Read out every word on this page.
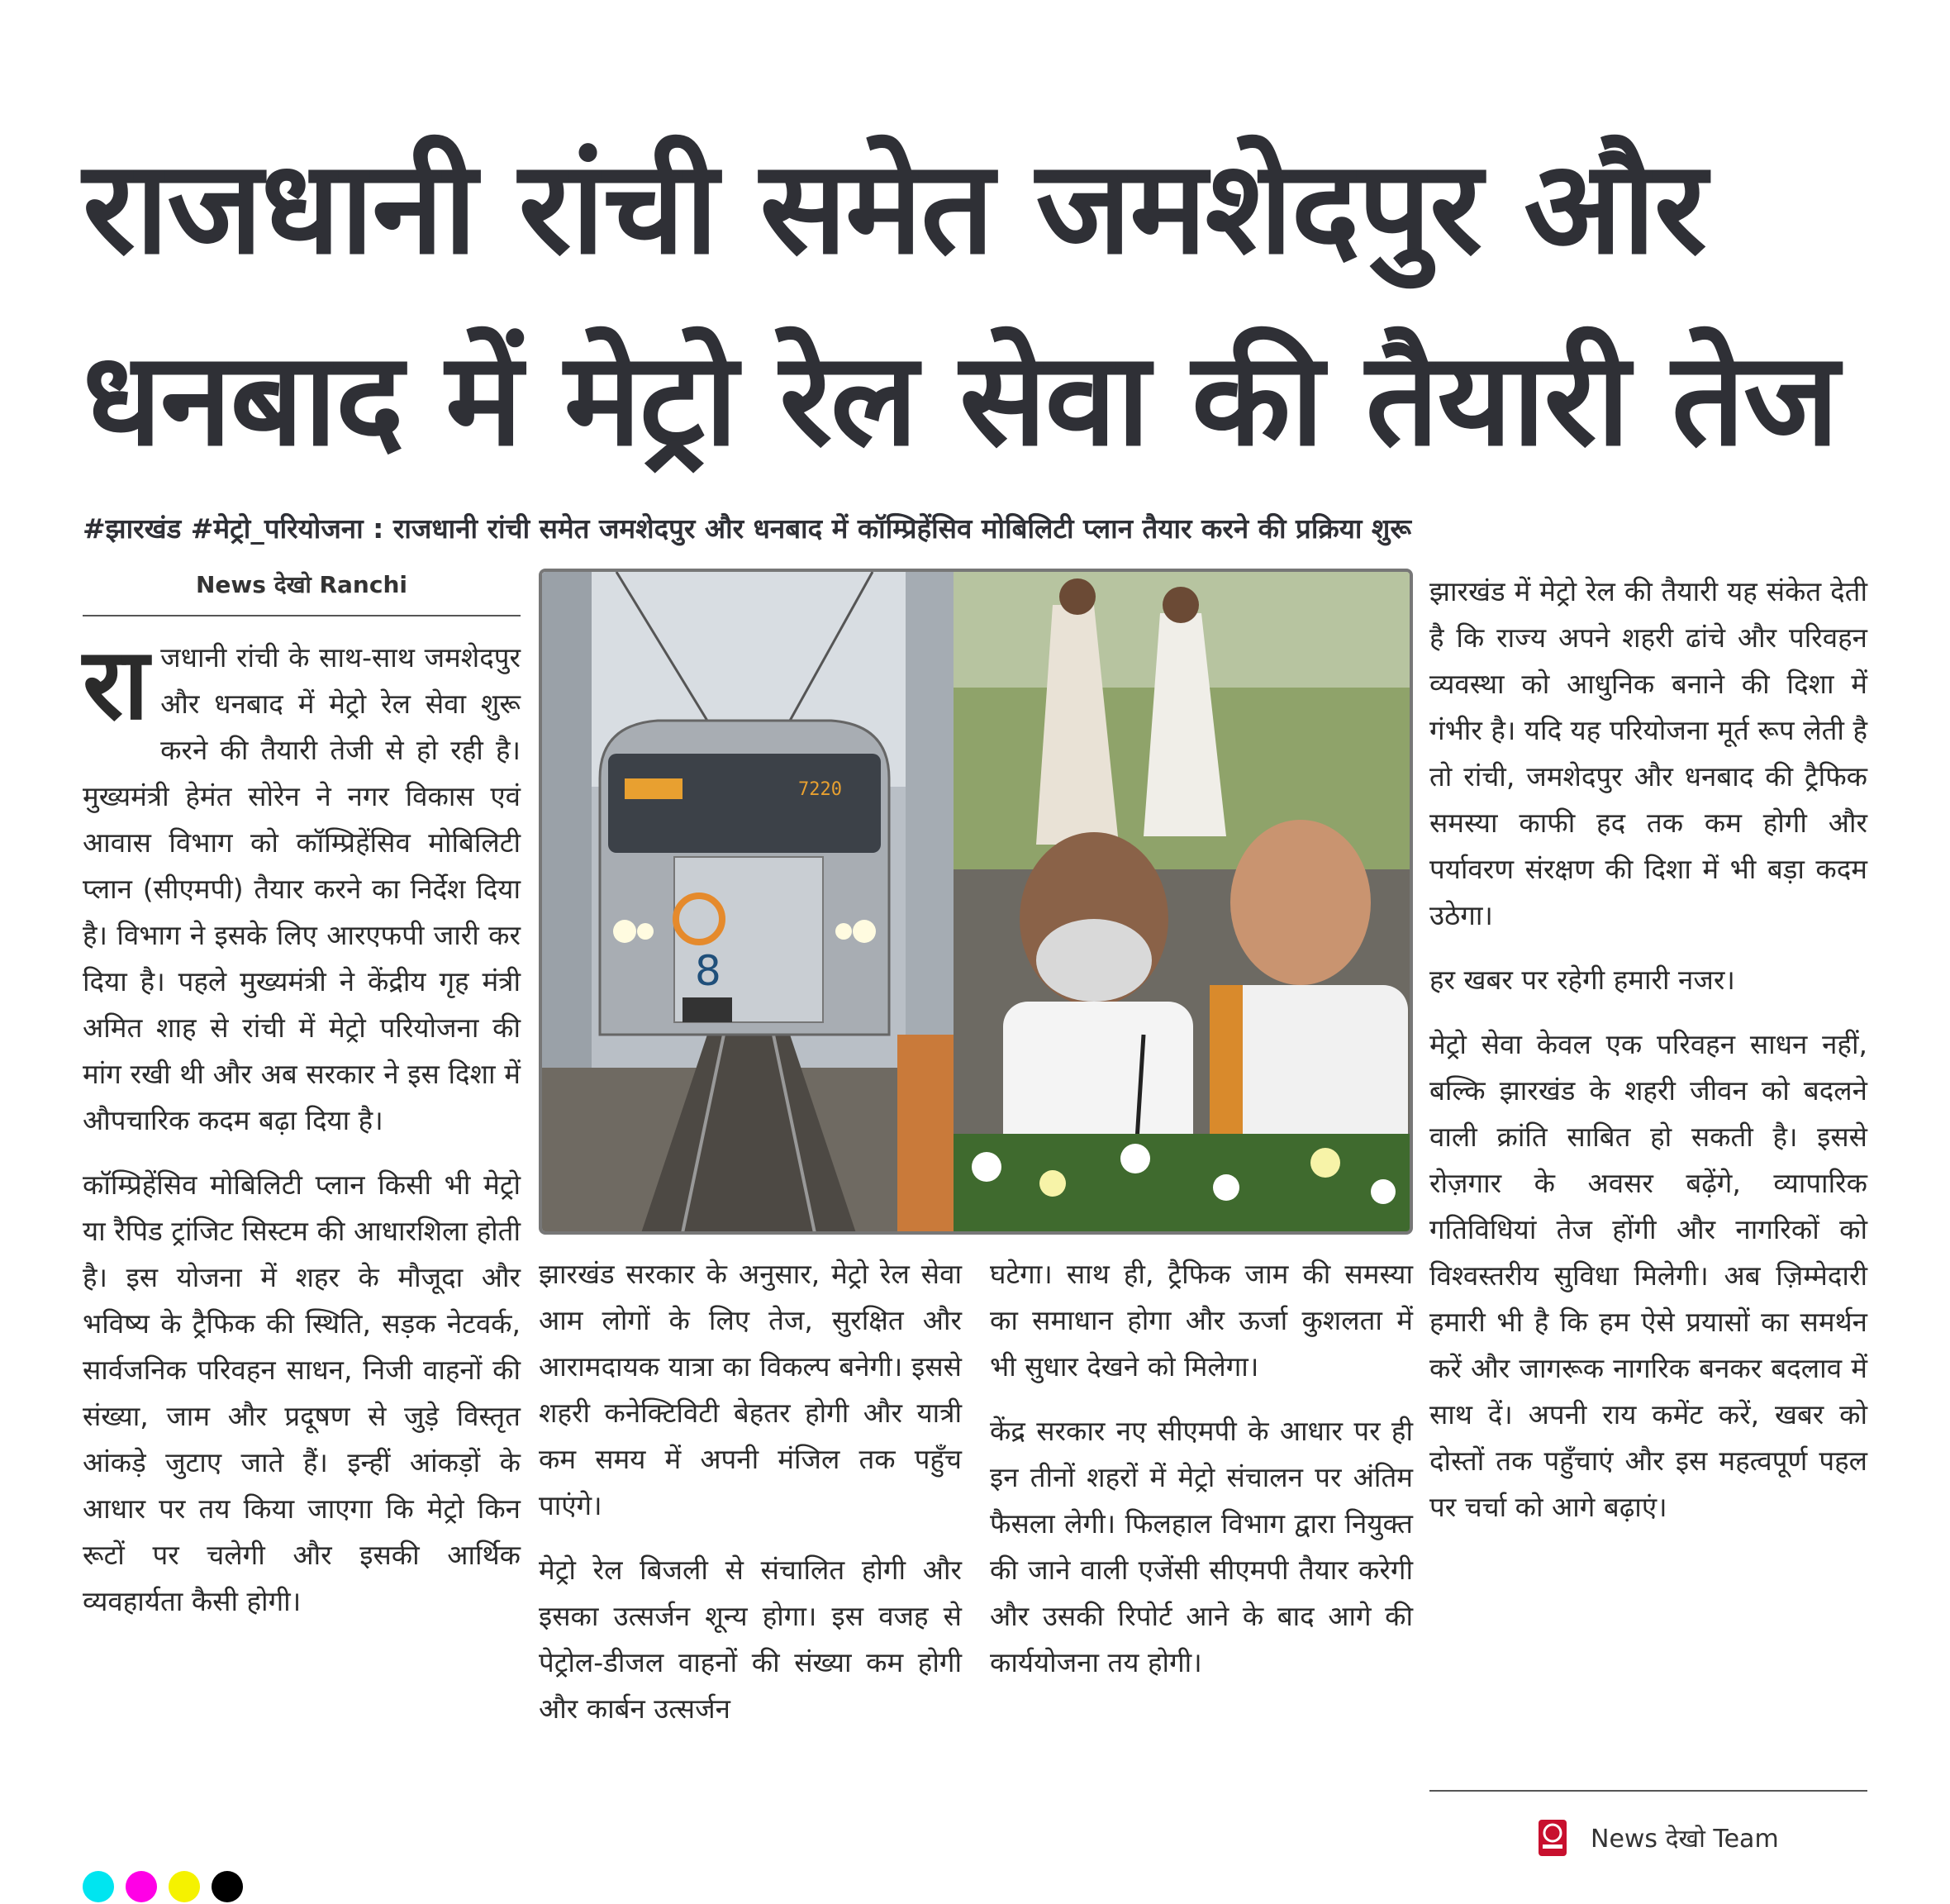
राजधानी रांची समेत जमशेदपुर और
धनबाद में मेट्रो रेल सेवा की तैयारी तेज
#झारखंड #मेट्रो_परियोजना : राजधानी रांची समेत जमशेदपुर और धनबाद में कॉम्प्रिहेंसिव मोबिलिटी प्लान तैयार करने की प्रक्रिया शुरू
News देखो Ranchi

रा जधानी रांची के साथ-साथ जमशेदपुर और धनबाद में मेट्रो रेल सेवा शुरू करने की तैयारी तेजी से हो रही है। मुख्यमंत्री हेमंत सोरेन ने नगर विकास एवं आवास विभाग को कॉम्प्रिहेंसिव मोबिलिटी प्लान (सीएमपी) तैयार करने का निर्देश दिया है। विभाग ने इसके लिए आरएफपी जारी कर दिया है। पहले मुख्यमंत्री ने केंद्रीय गृह मंत्री अमित शाह से रांची में मेट्रो परियोजना की मांग रखी थी और अब सरकार ने इस दिशा में औपचारिक कदम बढ़ा दिया है।

कॉम्प्रिहेंसिव मोबिलिटी प्लान किसी भी मेट्रो या रैपिड ट्रांजिट सिस्टम की आधारशिला होती है। इस योजना में शहर के मौजूदा और भविष्य के ट्रैफिक की स्थिति, सड़क नेटवर्क, सार्वजनिक परिवहन साधन, निजी वाहनों की संख्या, जाम और प्रदूषण से जुड़े विस्तृत आंकड़े जुटाए जाते हैं। इन्हीं आंकड़ों के आधार पर तय किया जाएगा कि मेट्रो किन रूटों पर चलेगी और इसकी आर्थिक व्यवहार्यता कैसी होगी।

7220
8

झारखंड सरकार के अनुसार, मेट्रो रेल सेवा आम लोगों के लिए तेज, सुरक्षित और आरामदायक यात्रा का विकल्प बनेगी। इससे शहरी कनेक्टिविटी बेहतर होगी और यात्री कम समय में अपनी मंजिल तक पहुँच पाएंगे।

मेट्रो रेल बिजली से संचालित होगी और इसका उत्सर्जन शून्य होगा। इस वजह से पेट्रोल-डीजल वाहनों की संख्या कम होगी और कार्बन उत्सर्जन

घटेगा। साथ ही, ट्रैफिक जाम की समस्या का समाधान होगा और ऊर्जा कुशलता में भी सुधार देखने को मिलेगा।

केंद्र सरकार नए सीएमपी के आधार पर ही इन तीनों शहरों में मेट्रो संचालन पर अंतिम फैसला लेगी। फिलहाल विभाग द्वारा नियुक्त की जाने वाली एजेंसी सीएमपी तैयार करेगी और उसकी रिपोर्ट आने के बाद आगे की कार्ययोजना तय होगी।

झारखंड में मेट्रो रेल की तैयारी यह संकेत देती है कि राज्य अपने शहरी ढांचे और परिवहन व्यवस्था को आधुनिक बनाने की दिशा में गंभीर है। यदि यह परियोजना मूर्त रूप लेती है तो रांची, जमशेदपुर और धनबाद की ट्रैफिक समस्या काफी हद तक कम होगी और पर्यावरण संरक्षण की दिशा में भी बड़ा कदम उठेगा।

हर खबर पर रहेगी हमारी नजर।

मेट्रो सेवा केवल एक परिवहन साधन नहीं, बल्कि झारखंड के शहरी जीवन को बदलने वाली क्रांति साबित हो सकती है। इससे रोज़गार के अवसर बढ़ेंगे, व्यापारिक गतिविधियां तेज होंगी और नागरिकों को विश्वस्तरीय सुविधा मिलेगी। अब ज़िम्मेदारी हमारी भी है कि हम ऐसे प्रयासों का समर्थन करें और जागरूक नागरिक बनकर बदलाव में साथ दें। अपनी राय कमेंट करें, खबर को दोस्तों तक पहुँचाएं और इस महत्वपूर्ण पहल पर चर्चा को आगे बढ़ाएं।

News देखो Team
